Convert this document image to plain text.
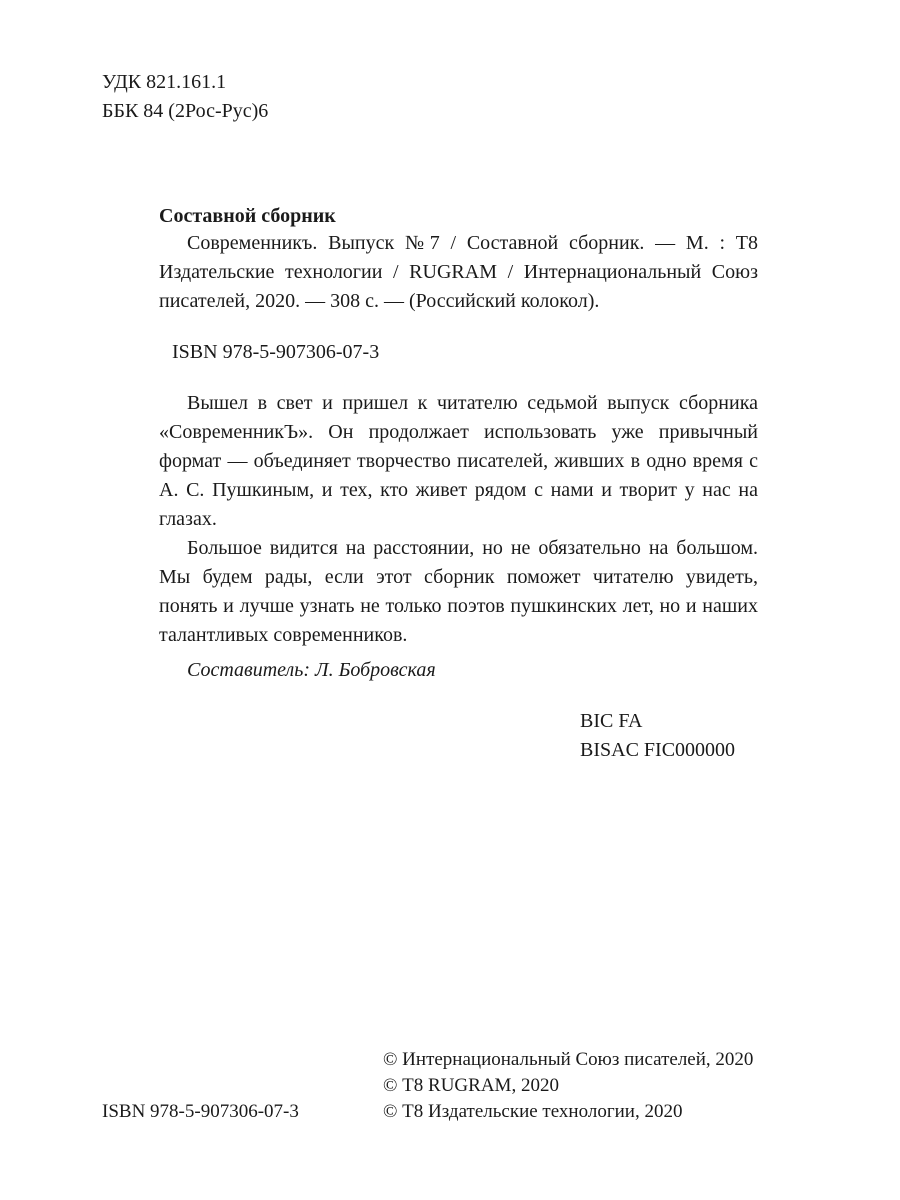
УДК 821.161.1
ББК 84 (2Рос-Рус)6
Составной сборник

Современникъ. Выпуск №7 / Составной сборник. — М. : Т8 Издательские технологии / RUGRAM / Интернациональный Союз писателей, 2020. — 308 с. — (Российский колокол).

ISBN 978-5-907306-07-3

Вышел в свет и пришел к читателю седьмой выпуск сборника «СовременникЪ». Он продолжает использовать уже привычный формат — объединяет творчество писателей, живших в одно время с А. С. Пушкиным, и тех, кто живет рядом с нами и творит у нас на глазах.

Большое видится на расстоянии, но не обязательно на большом. Мы будем рады, если этот сборник поможет читателю увидеть, понять и лучше узнать не только поэтов пушкинских лет, но и наших талантливых современников.

Составитель: Л. Бобровская
BIC FA
BISAC FIC000000
ISBN 978-5-907306-07-3
© Интернациональный Союз писателей, 2020
© Т8 RUGRAM, 2020
© Т8 Издательские технологии, 2020
